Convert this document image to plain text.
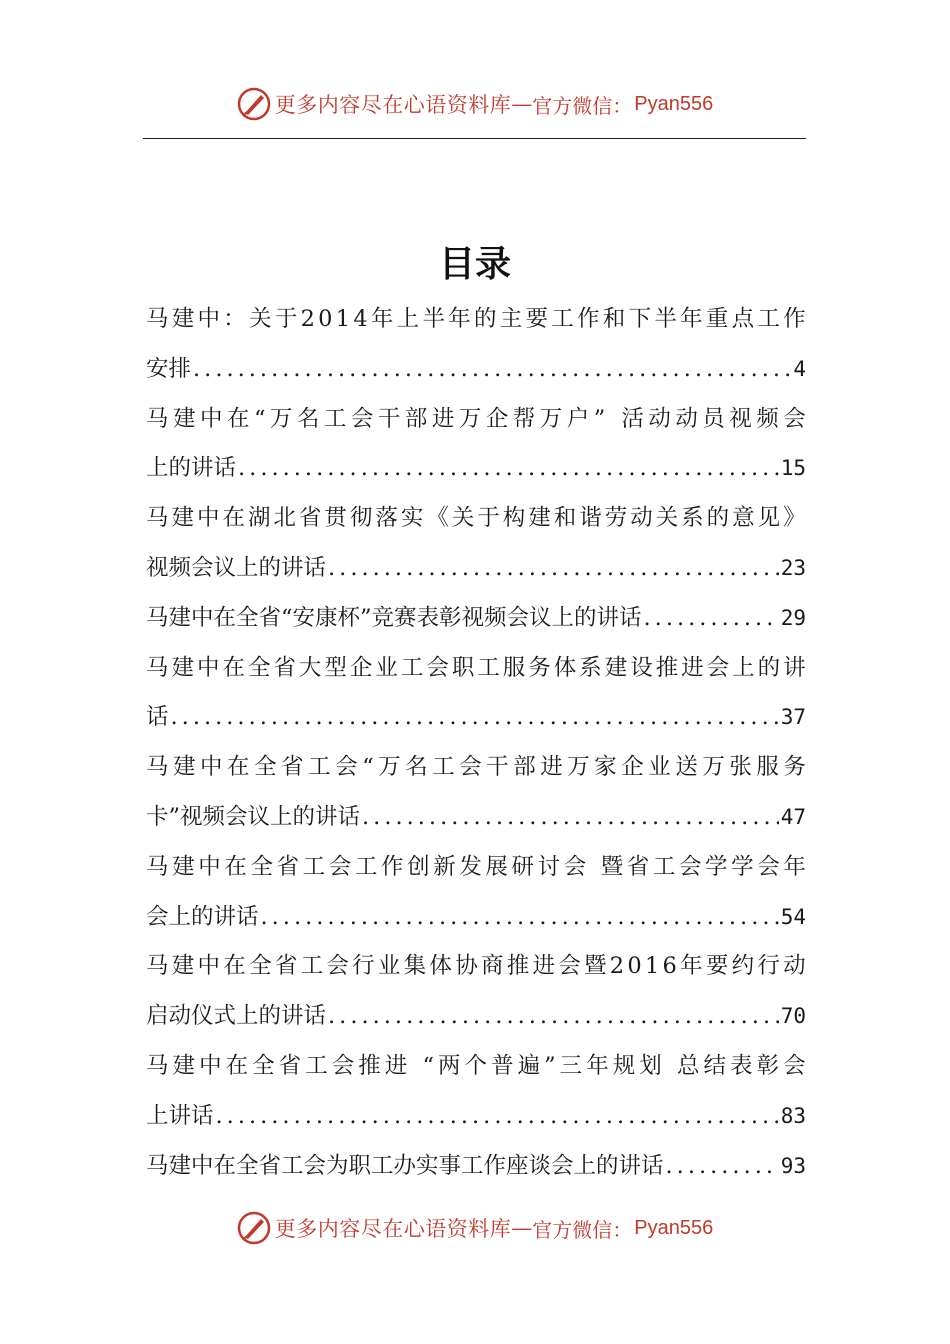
更多内容尽在心语资料库 — 官方微信： Pyan556
目录
马 建 中 ： 关 于 2 0 1 4 年 上 半 年 的 主 要 工 作 和 下 半 年 重 点 工 作
安排 .....	4
马 建 中 在 “ 万 名 工 会 干 部 进 万 企 帮 万 户 ”
活 动 动 员 视 频 会
上的讲话 .....	15
马 建 中 在 湖 北 省 贯 彻 落 实 《 关 于 构 建 和 谐 劳 动 关 系 的 意 见 》
视频会议上的讲话 .....	23
马建中在全省“安康杯”竞赛表彰视频会议上的讲话 .....	29
马 建 中 在 全 省 大 型 企 业 工 会 职 工 服 务 体 系 建 设 推 进 会 上 的 讲
话 .....	37
马 建 中 在 全 省 工 会 “ 万 名 工 会 干 部 进 万 家 企 业 送 万 张 服 务
卡”视频会议上的讲话 .....	47
马 建 中 在 全 省 工 会 工 作 创 新 发 展 研 讨 会
暨 省 工 会 学 学 会 年
会上的讲话 .....	54
马 建 中 在 全 省 工 会 行 业 集 体 协 商 推 进 会 暨 2 0 1 6 年 要 约 行 动
启动仪式上的讲话 .....	70
马 建 中 在 全 省 工 会 推 进
“ 两 个 普 遍 ” 三 年 规 划
总 结 表 彰 会
上讲话 .....	83
马建中在全省工会为职工办实事工作座谈会上的讲话 .....	93
更多内容尽在心语资料库 — 官方微信： Pyan556
